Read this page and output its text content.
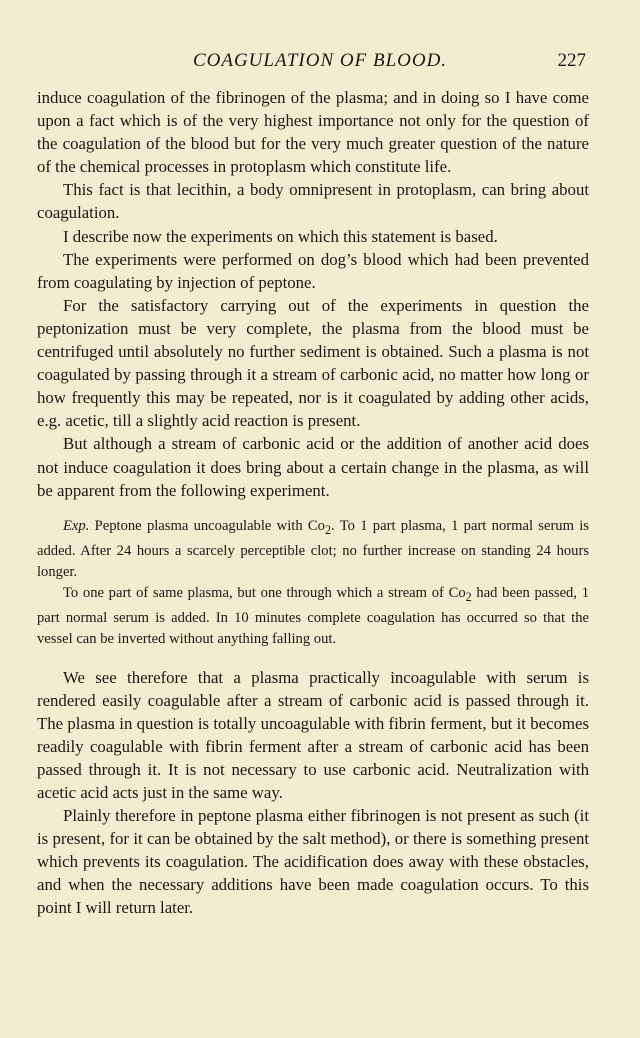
COAGULATION OF BLOOD.	227

induce coagulation of the fibrinogen of the plasma; and in doing so I have come upon a fact which is of the very highest importance not only for the question of the coagulation of the blood but for the very much greater question of the nature of the chemical processes in protoplasm which constitute life.

This fact is that lecithin, a body omnipresent in protoplasm, can bring about coagulation.

I describe now the experiments on which this statement is based.

The experiments were performed on dog’s blood which had been prevented from coagulating by injection of peptone.

For the satisfactory carrying out of the experiments in question the peptonization must be very complete, the plasma from the blood must be centrifuged until absolutely no further sediment is obtained. Such a plasma is not coagulated by passing through it a stream of carbonic acid, no matter how long or how frequently this may be repeated, nor is it coagulated by adding other acids, e.g. acetic, till a slightly acid reaction is present.

But although a stream of carbonic acid or the addition of another acid does not induce coagulation it does bring about a certain change in the plasma, as will be apparent from the following experiment.

Exp. Peptone plasma uncoagulable with $Co_2$. To 1 part plasma, 1 part normal serum is added. After 24 hours a scarcely perceptible clot; no further increase on standing 24 hours longer.

To one part of same plasma, but one through which a stream of $Co_2$ had been passed, 1 part normal serum is added. In 10 minutes complete coagulation has occurred so that the vessel can be inverted without anything falling out.

We see therefore that a plasma practically incoagulable with serum is rendered easily coagulable after a stream of carbonic acid is passed through it. The plasma in question is totally uncoagulable with fibrin ferment, but it becomes readily coagulable with fibrin ferment after a stream of carbonic acid has been passed through it. It is not necessary to use carbonic acid. Neutralization with acetic acid acts just in the same way.

Plainly therefore in peptone plasma either fibrinogen is not present as such (it is present, for it can be obtained by the salt method), or there is something present which prevents its coagulation. The acidification does away with these obstacles, and when the necessary additions have been made coagulation occurs. To this point I will return later.
